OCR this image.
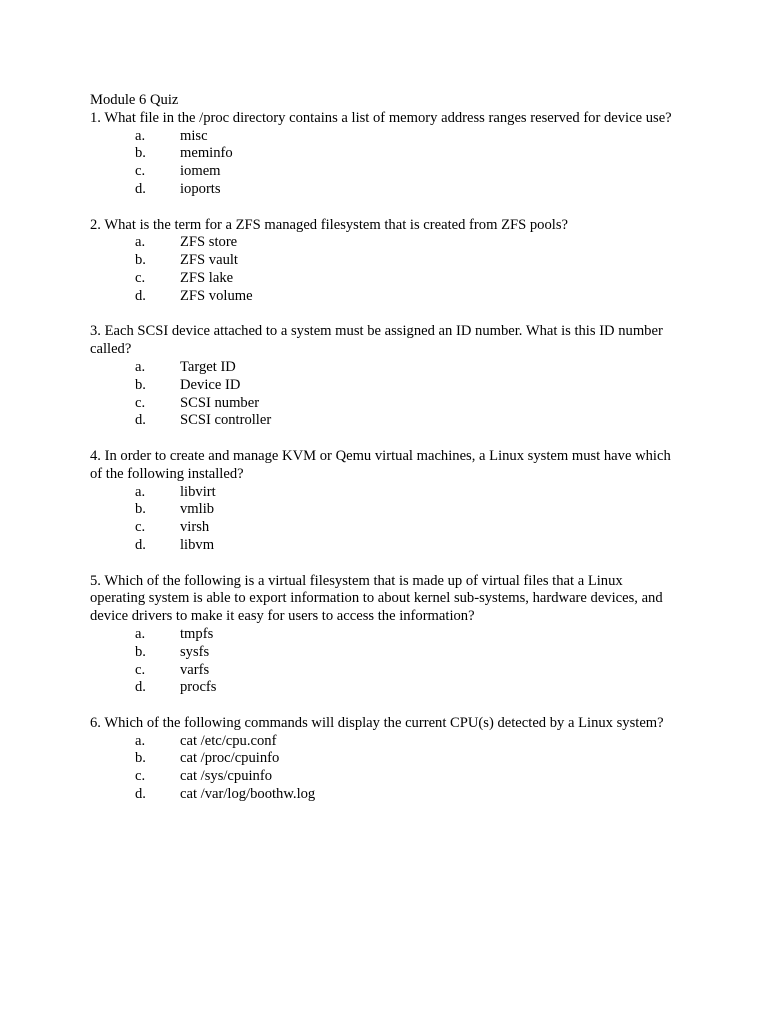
Module 6 Quiz

1. What file in the /proc directory contains a list of memory address ranges reserved for device use?

a.	misc
b.	meminfo
c.	iomem
d.	ioports

2. What is the term for a ZFS managed filesystem that is created from ZFS pools?

a.	ZFS store
b.	ZFS vault
c.	ZFS lake
d.	ZFS volume

3. Each SCSI device attached to a system must be assigned an ID number. What is this ID number called?

a.	Target ID
b.	Device ID
c.	SCSI number
d.	SCSI controller

4. In order to create and manage KVM or Qemu virtual machines, a Linux system must have which of the following installed?

a.	libvirt
b.	vmlib
c.	virsh
d.	libvm

5. Which of the following is a virtual filesystem that is made up of virtual files that a Linux operating system is able to export information to about kernel sub-systems, hardware devices, and device drivers to make it easy for users to access the information?

a.	tmpfs
b.	sysfs
c.	varfs
d.	procfs

6. Which of the following commands will display the current CPU(s) detected by a Linux system?

a.	cat /etc/cpu.conf
b.	cat /proc/cpuinfo
c.	cat /sys/cpuinfo
d.	cat /var/log/boothw.log
